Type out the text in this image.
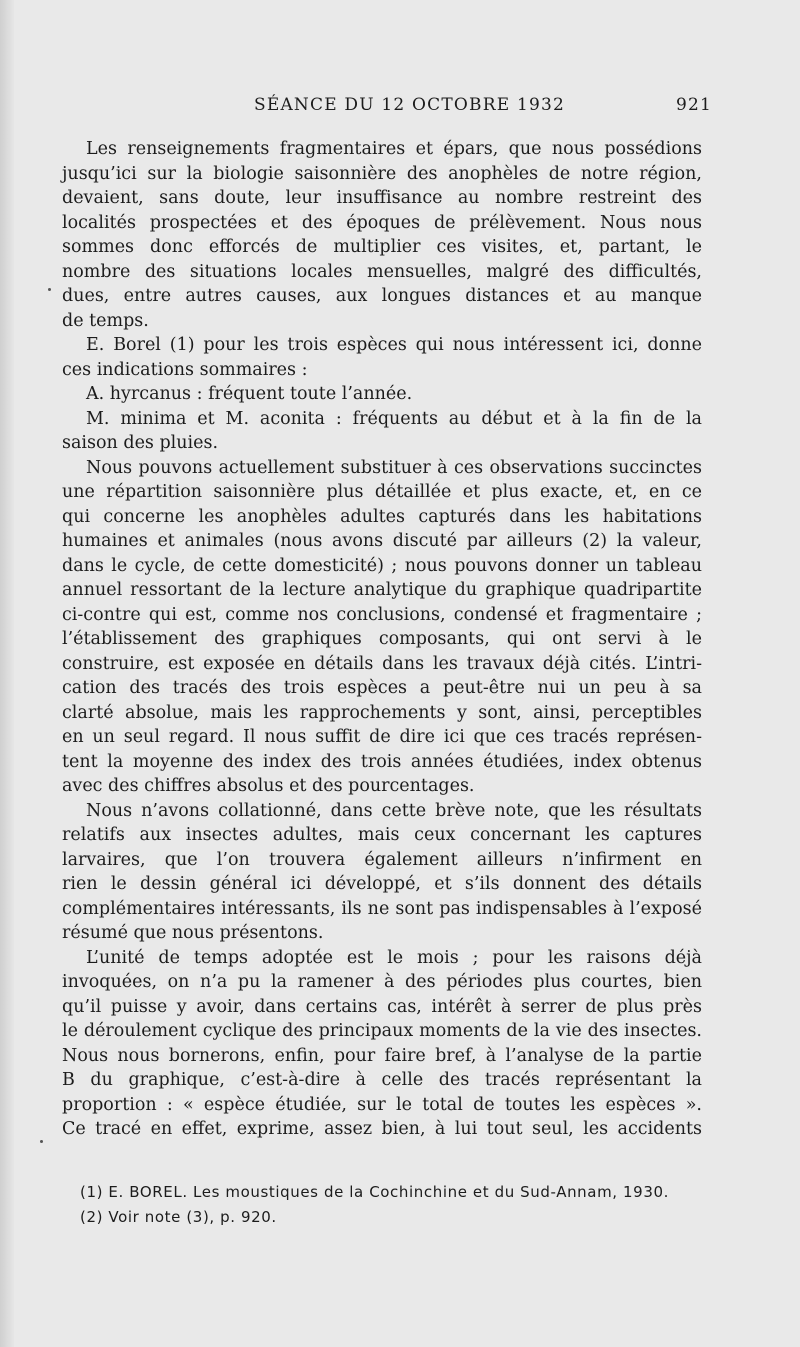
SÉANCE DU 12 OCTOBRE 1932	921
Les renseignements fragmentaires et épars, que nous possédions
jusqu’ici sur la biologie saisonnière des anophèles de notre région,
devaient, sans doute, leur insuffisance au nombre restreint des
localités prospectées et des époques de prélèvement. Nous nous
sommes donc efforcés de multiplier ces visites, et, partant, le
nombre des situations locales mensuelles, malgré des difficultés,
dues, entre autres causes, aux longues distances et au manque
de temps.
E. Borel (1) pour les trois espèces qui nous intéressent ici, donne
ces indications sommaires :
A. hyrcanus : fréquent toute l’année.
M. minima et M. aconita : fréquents au début et à la fin de la
saison des pluies.
Nous pouvons actuellement substituer à ces observations succinctes
une répartition saisonnière plus détaillée et plus exacte, et, en ce
qui concerne les anophèles adultes capturés dans les habitations
humaines et animales (nous avons discuté par ailleurs (2) la valeur,
dans le cycle, de cette domesticité) ; nous pouvons donner un tableau
annuel ressortant de la lecture analytique du graphique quadripartite
ci-contre qui est, comme nos conclusions, condensé et fragmentaire ;
l’établissement des graphiques composants, qui ont servi à le
construire, est exposée en détails dans les travaux déjà cités. L’intri-
cation des tracés des trois espèces a peut-être nui un peu à sa
clarté absolue, mais les rapprochements y sont, ainsi, perceptibles
en un seul regard. Il nous suffit de dire ici que ces tracés représen-
tent la moyenne des index des trois années étudiées, index obtenus
avec des chiffres absolus et des pourcentages.
Nous n’avons collationné, dans cette brève note, que les résultats
relatifs aux insectes adultes, mais ceux concernant les captures
larvaires, que l’on trouvera également ailleurs n’infirment en
rien le dessin général ici développé, et s’ils donnent des détails
complémentaires intéressants, ils ne sont pas indispensables à l’exposé
résumé que nous présentons.
L’unité de temps adoptée est le mois ; pour les raisons déjà
invoquées, on n’a pu la ramener à des périodes plus courtes, bien
qu’il puisse y avoir, dans certains cas, intérêt à serrer de plus près
le déroulement cyclique des principaux moments de la vie des insectes.
Nous nous bornerons, enfin, pour faire bref, à l’analyse de la partie
B du graphique, c’est-à-dire à celle des tracés représentant la
proportion : « espèce étudiée, sur le total de toutes les espèces ».
Ce tracé en effet, exprime, assez bien, à lui tout seul, les accidents
(1) E. BOREL. Les moustiques de la Cochinchine et du Sud-Annam, 1930.
(2) Voir note (3), p. 920.
